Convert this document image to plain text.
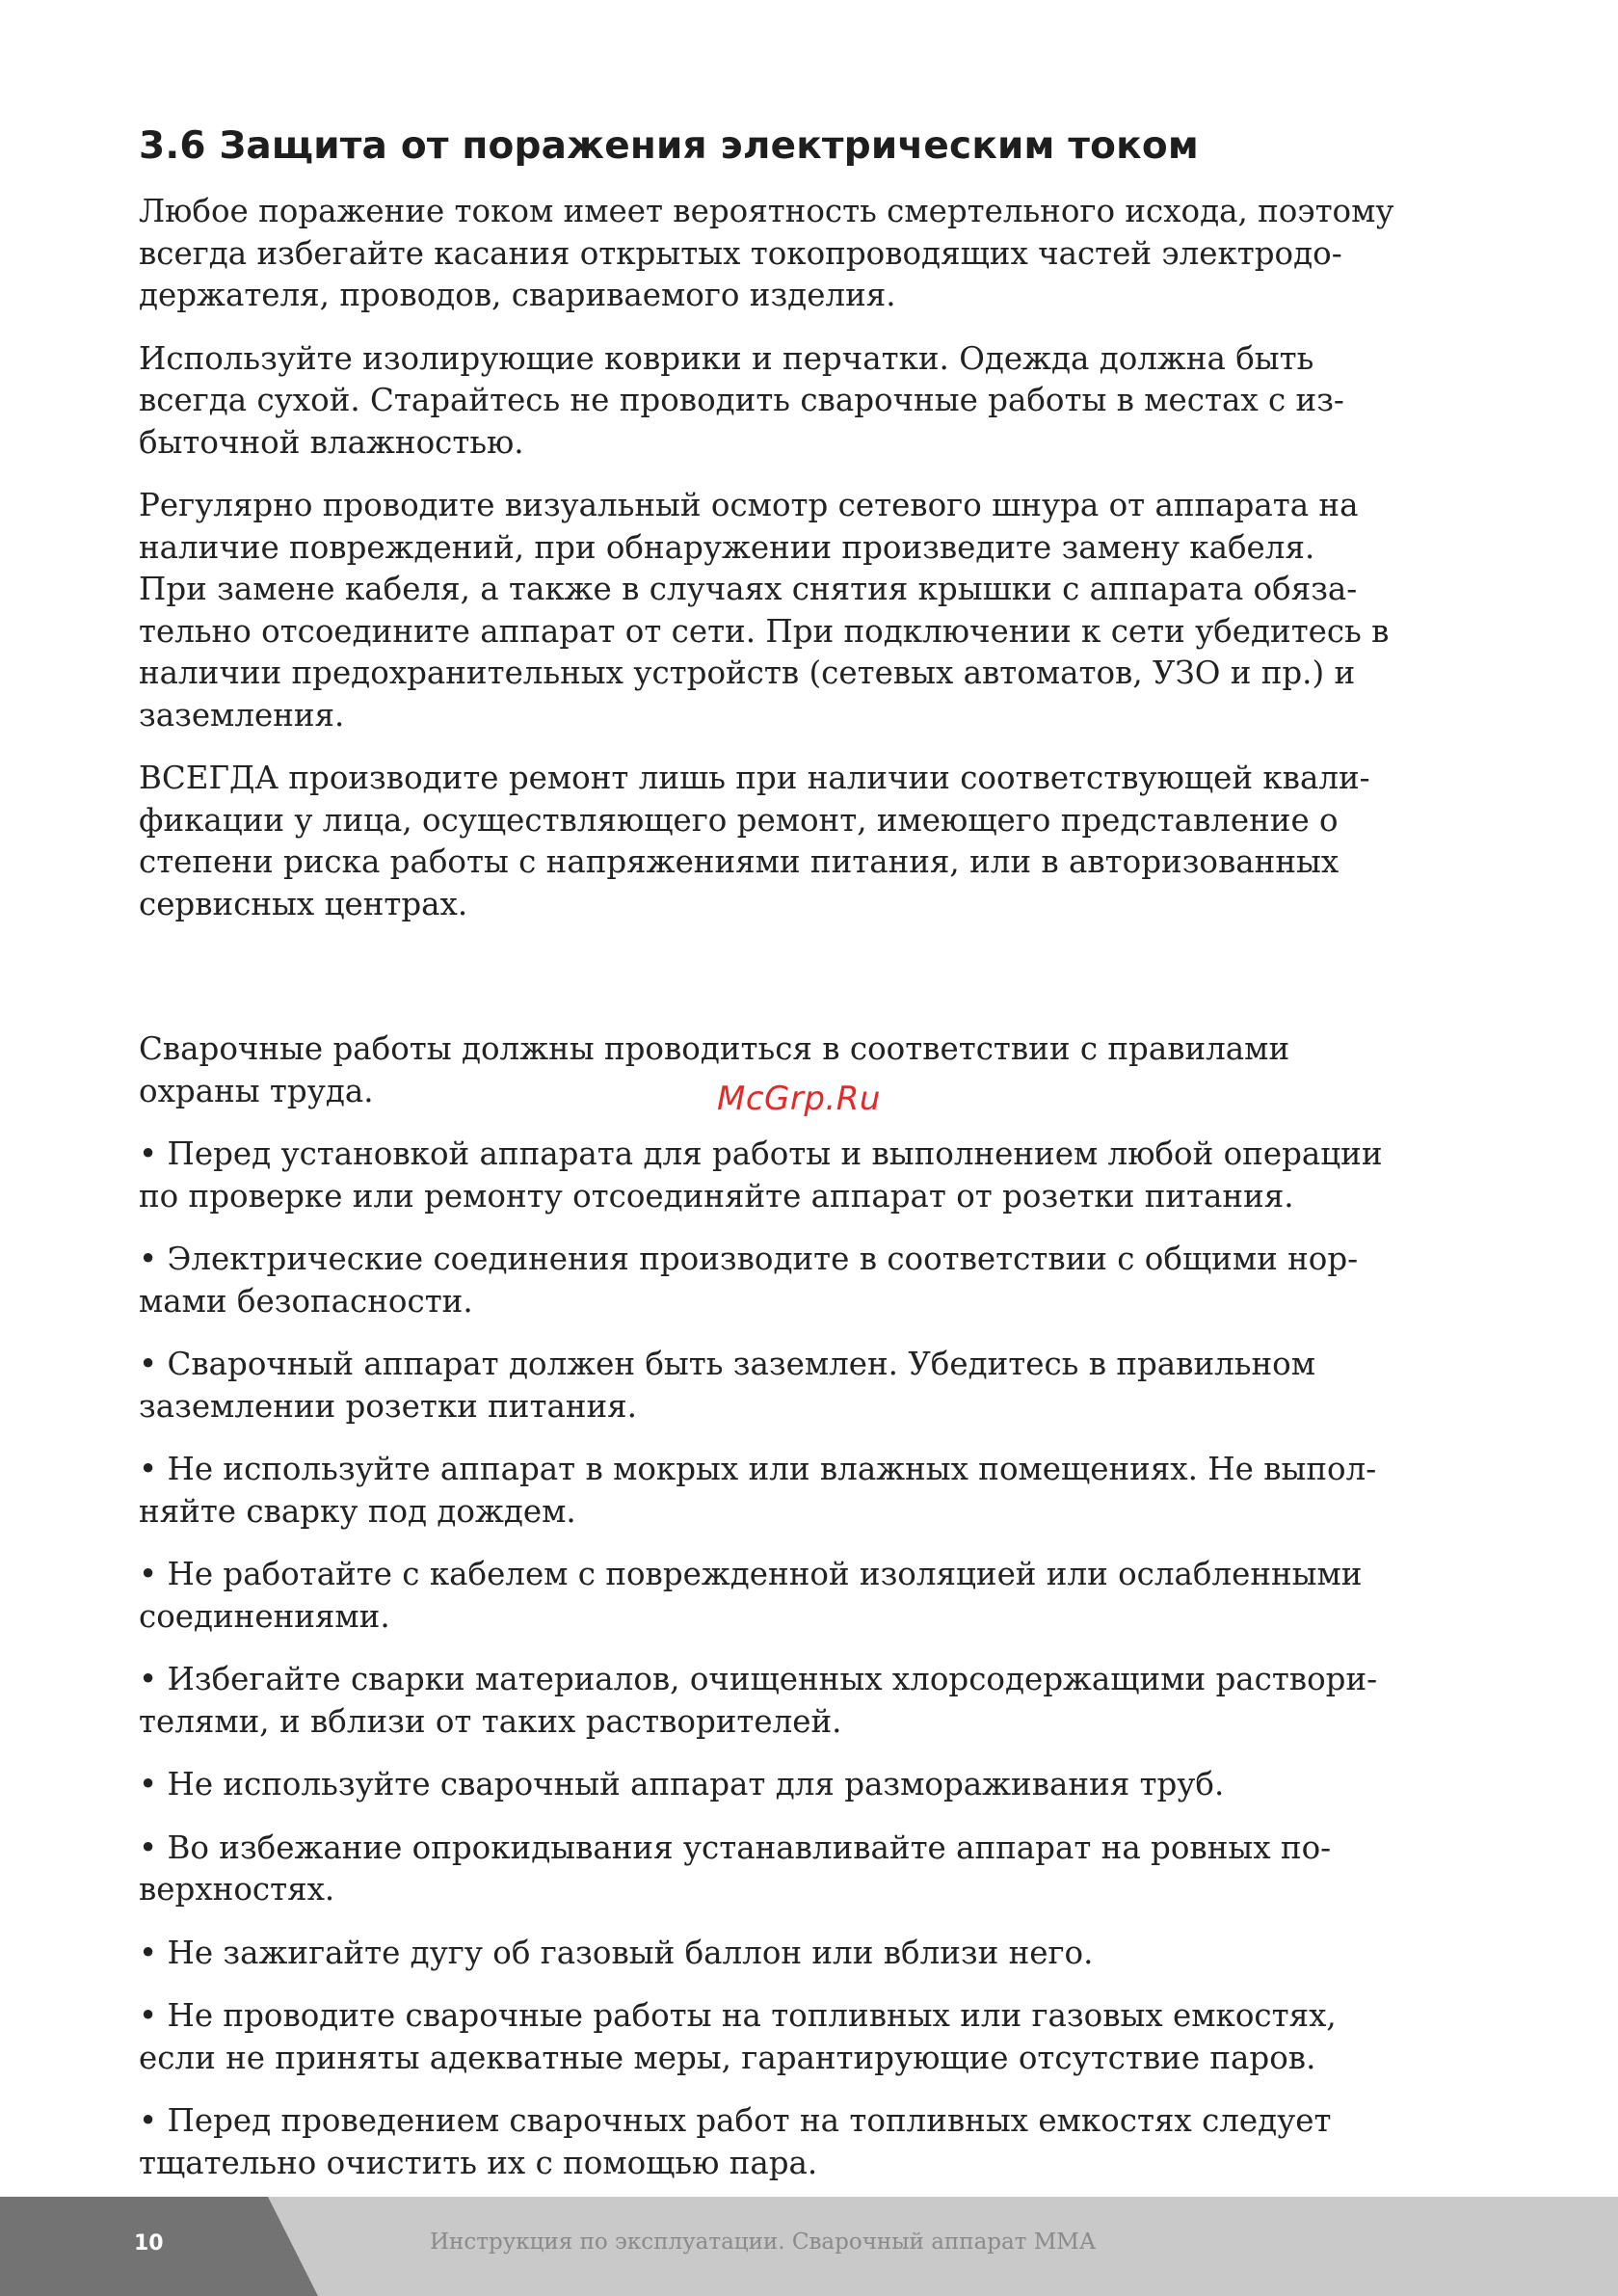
3.6 Защита от поражения электрическим током

Любое поражение током имеет вероятность смертельного исхода, поэтому
всегда избегайте касания открытых токопроводящих частей электродо-
держателя, проводов, свариваемого изделия.

Используйте изолирующие коврики и перчатки. Одежда должна быть
всегда сухой. Старайтесь не проводить сварочные работы в местах с из-
быточной влажностью.

Регулярно проводите визуальный осмотр сетевого шнура от аппарата на
наличие повреждений, при обнаружении произведите замену кабеля.
При замене кабеля, а также в случаях снятия крышки с аппарата обяза-
тельно отсоедините аппарат от сети. При подключении к сети убедитесь в
наличии предохранительных устройств (сетевых автоматов, УЗО и пр.) и
заземления.

ВСЕГДА производите ремонт лишь при наличии соответствующей квали-
фикации у лица, осуществляющего ремонт, имеющего представление о
степени риска работы с напряжениями питания, или в авторизованных
сервисных центрах.

Сварочные работы должны проводиться в соответствии с правилами
охраны труда.

• Перед установкой аппарата для работы и выполнением любой операции
по проверке или ремонту отсоединяйте аппарат от розетки питания.

• Электрические соединения производите в соответствии с общими нор-
мами безопасности.

• Сварочный аппарат должен быть заземлен. Убедитесь в правильном
заземлении розетки питания.

• Не используйте аппарат в мокрых или влажных помещениях. Не выпол-
няйте сварку под дождем.

• Не работайте с кабелем с поврежденной изоляцией или ослабленными
соединениями.

• Избегайте сварки материалов, очищенных хлорсодержащими раствори-
телями, и вблизи от таких растворителей.

• Не используйте сварочный аппарат для размораживания труб.

• Во избежание опрокидывания устанавливайте аппарат на ровных по-
верхностях.

• Не зажигайте дугу об газовый баллон или вблизи него.

• Не проводите сварочные работы на топливных или газовых емкостях,
если не приняты адекватные меры, гарантирующие отсутствие паров.

• Перед проведением сварочных работ на топливных емкостях следует
тщательно очистить их с помощью пара.

McGrp.Ru
10	Инструкция по эксплуатации. Сварочный аппарат ММА
